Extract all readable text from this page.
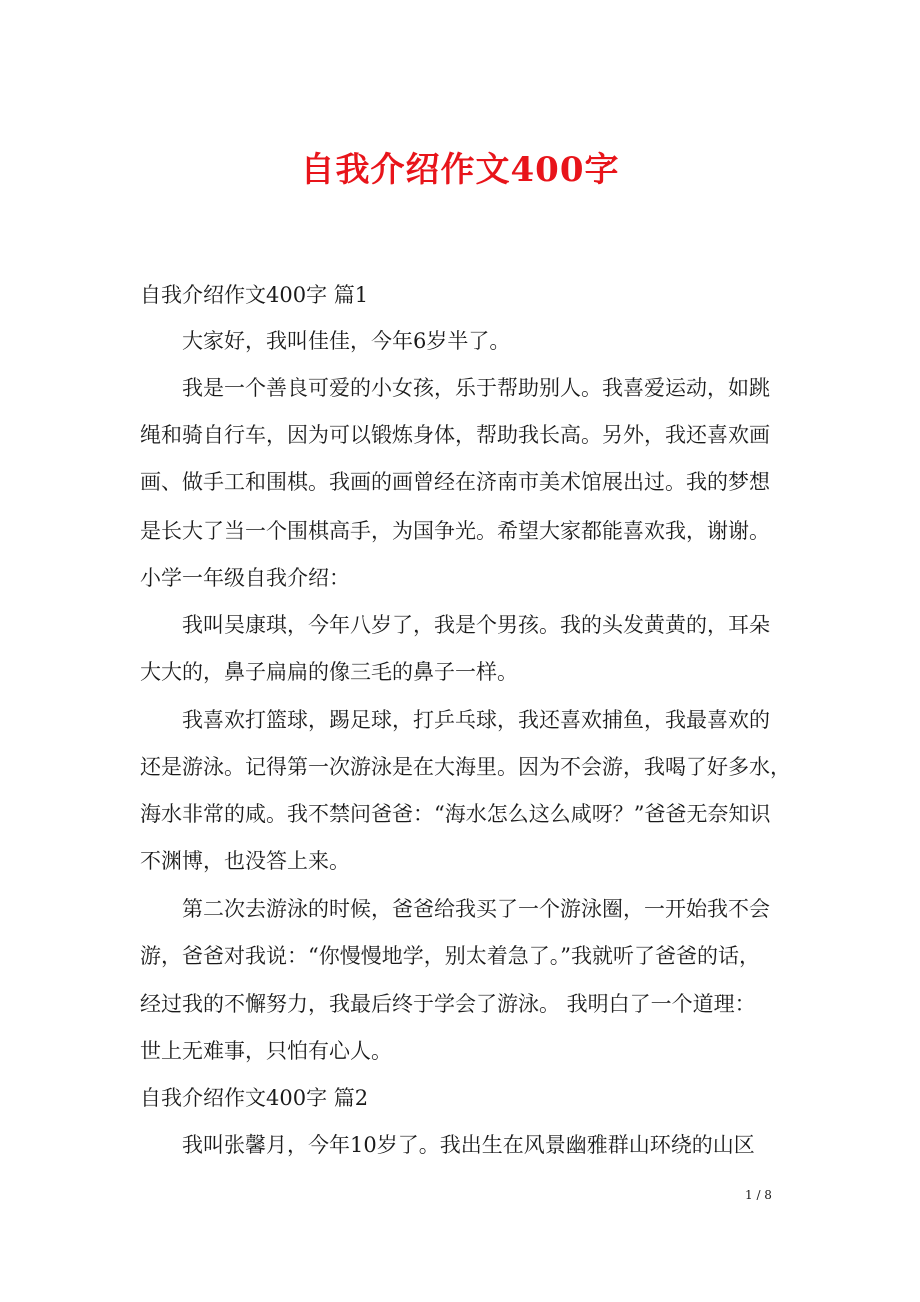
自我介绍作文400字

自我介绍作文400字 篇1

大家好，我叫佳佳，今年6岁半了。

我是一个善良可爱的小女孩，乐于帮助别人。我喜爱运动，如跳

绳和骑自行车，因为可以锻炼身体，帮助我长高。另外，我还喜欢画

画、做手工和围棋。我画的画曾经在济南市美术馆展出过。我的梦想

是长大了当一个围棋高手，为国争光。希望大家都能喜欢我，谢谢。

小学一年级自我介绍：

我叫吴康琪，今年八岁了，我是个男孩。我的头发黄黄的，耳朵

大大的，鼻子扁扁的像三毛的鼻子一样。

我喜欢打篮球，踢足球，打乒乓球，我还喜欢捕鱼，我最喜欢的

还是游泳。记得第一次游泳是在大海里。因为不会游，我喝了好多水，

海水非常的咸。我不禁问爸爸：“海水怎么这么咸呀？”爸爸无奈知识

不渊博，也没答上来。

第二次去游泳的时候，爸爸给我买了一个游泳圈，一开始我不会

游，爸爸对我说：“你慢慢地学，别太着急了。”我就听了爸爸的话，

经过我的不懈努力，我最后终于学会了游泳。 我明白了一个道理：

世上无难事，只怕有心人。

自我介绍作文400字 篇2

我叫张馨月，今年10岁了。我出生在风景幽雅群山环绕的山区

1 / 8
